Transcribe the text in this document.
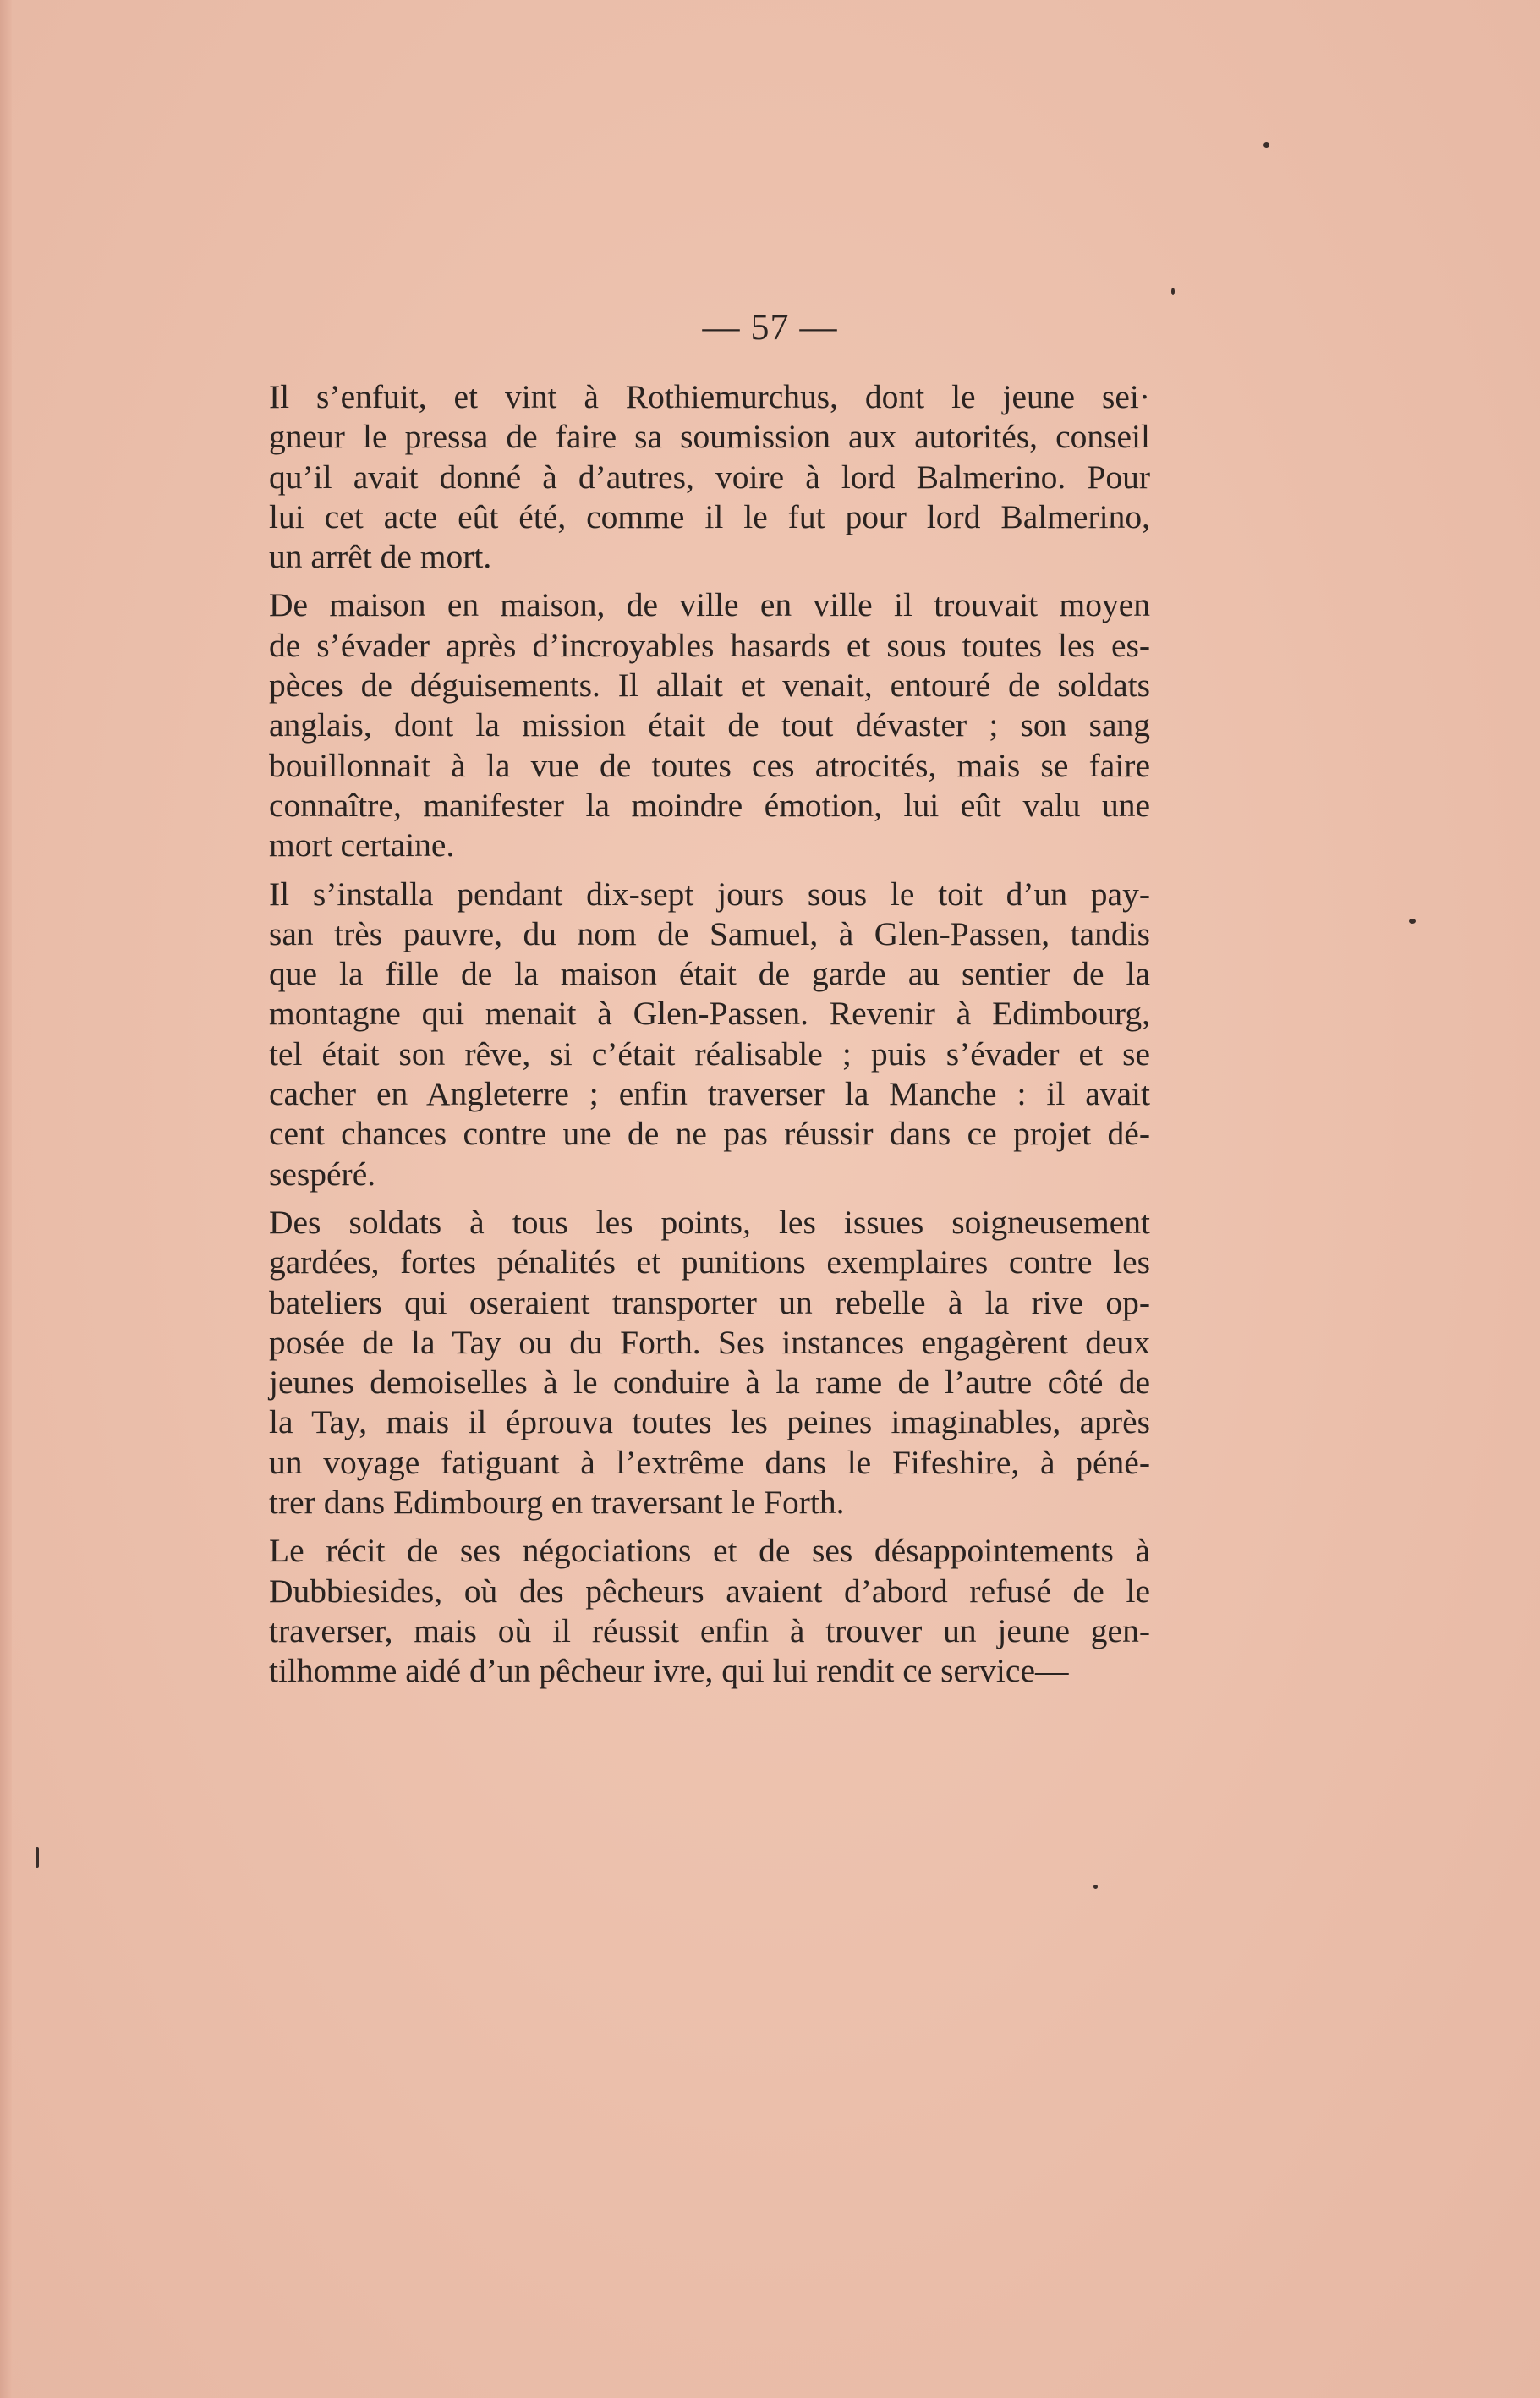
— 57 —

Il s’enfuit, et vint à Rothiemurchus, dont le jeune sei·
gneur le pressa de faire sa soumission aux autorités, conseil
qu’il avait donné à d’autres, voire à lord Balmerino. Pour
lui cet acte eût été, comme il le fut pour lord Balmerino,
un arrêt de mort.

De maison en maison, de ville en ville il trouvait moyen
de s’évader après d’incroyables hasards et sous toutes les es-
pèces de déguisements. Il allait et venait, entouré de soldats
anglais, dont la mission était de tout dévaster ; son sang
bouillonnait à la vue de toutes ces atrocités, mais se faire
connaître, manifester la moindre émotion, lui eût valu une
mort certaine.

Il s’installa pendant dix-sept jours sous le toit d’un pay-
san très pauvre, du nom de Samuel, à Glen-Passen, tandis
que la fille de la maison était de garde au sentier de la
montagne qui menait à Glen-Passen. Revenir à Edimbourg,
tel était son rêve, si c’était réalisable ; puis s’évader et se
cacher en Angleterre ; enfin traverser la Manche : il avait
cent chances contre une de ne pas réussir dans ce projet dé-
sespéré.

Des soldats à tous les points, les issues soigneusement
gardées, fortes pénalités et punitions exemplaires contre les
bateliers qui oseraient transporter un rebelle à la rive op-
posée de la Tay ou du Forth. Ses instances engagèrent deux
jeunes demoiselles à le conduire à la rame de l’autre côté de
la Tay, mais il éprouva toutes les peines imaginables, après
un voyage fatiguant à l’extrême dans le Fifeshire, à péné-
trer dans Edimbourg en traversant le Forth.

Le récit de ses négociations et de ses désappointements à
Dubbiesides, où des pêcheurs avaient d’abord refusé de le
traverser, mais où il réussit enfin à trouver un jeune gen-
tilhomme aidé d’un pêcheur ivre, qui lui rendit ce service—
